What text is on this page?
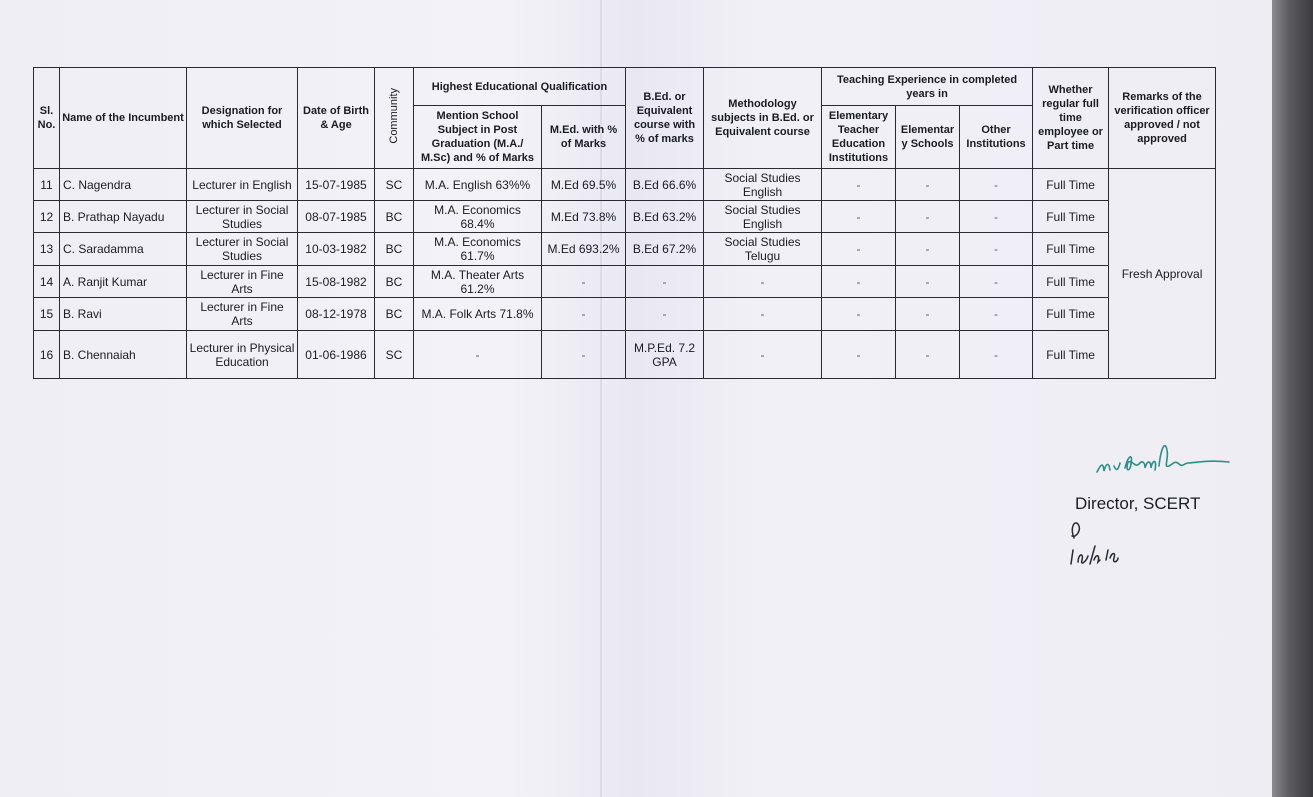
Sl. No.	Name of the Incumbent	Designation for which Selected	Date of Birth & Age	Community	Highest Educational Qualification		B.Ed. or Equivalent course with % of marks	Methodology subjects in B.Ed. or Equivalent course	Teaching Experience in completed years in			Whether regular full time employee or Part time	Remarks of the verification officer approved / not approved
					Mention School Subject in Post Graduation (M.A./ M.Sc) and % of Marks	M.Ed. with % of Marks			Elementary Teacher Education Institutions	Elementar y Schools	Other Institutions		
11	C. Nagendra	Lecturer in English	15-07-1985	SC	M.A. English 63%%	M.Ed 69.5%	B.Ed 66.6%	Social Studies English	-	-	-	Full Time	Fresh Approval
12	B. Prathap Nayadu	Lecturer in Social Studies	08-07-1985	BC	M.A. Economics 68.4%	M.Ed 73.8%	B.Ed 63.2%	Social Studies English	-	-	-	Full Time	
13	C. Saradamma	Lecturer in Social Studies	10-03-1982	BC	M.A. Economics 61.7%	M.Ed 693.2%	B.Ed 67.2%	Social Studies Telugu	-	-	-	Full Time	
14	A. Ranjit Kumar	Lecturer in Fine Arts	15-08-1982	BC	M.A. Theater Arts 61.2%	-	-	-	-	-	-	Full Time	
15	B. Ravi	Lecturer in Fine Arts	08-12-1978	BC	M.A. Folk Arts 71.8%	-	-	-	-	-	-	Full Time	
16	B. Chennaiah	Lecturer in Physical Education	01-06-1986	SC	-	-	M.P.Ed. 7.2 GPA	-	-	-	-	Full Time	
Director, SCERT
